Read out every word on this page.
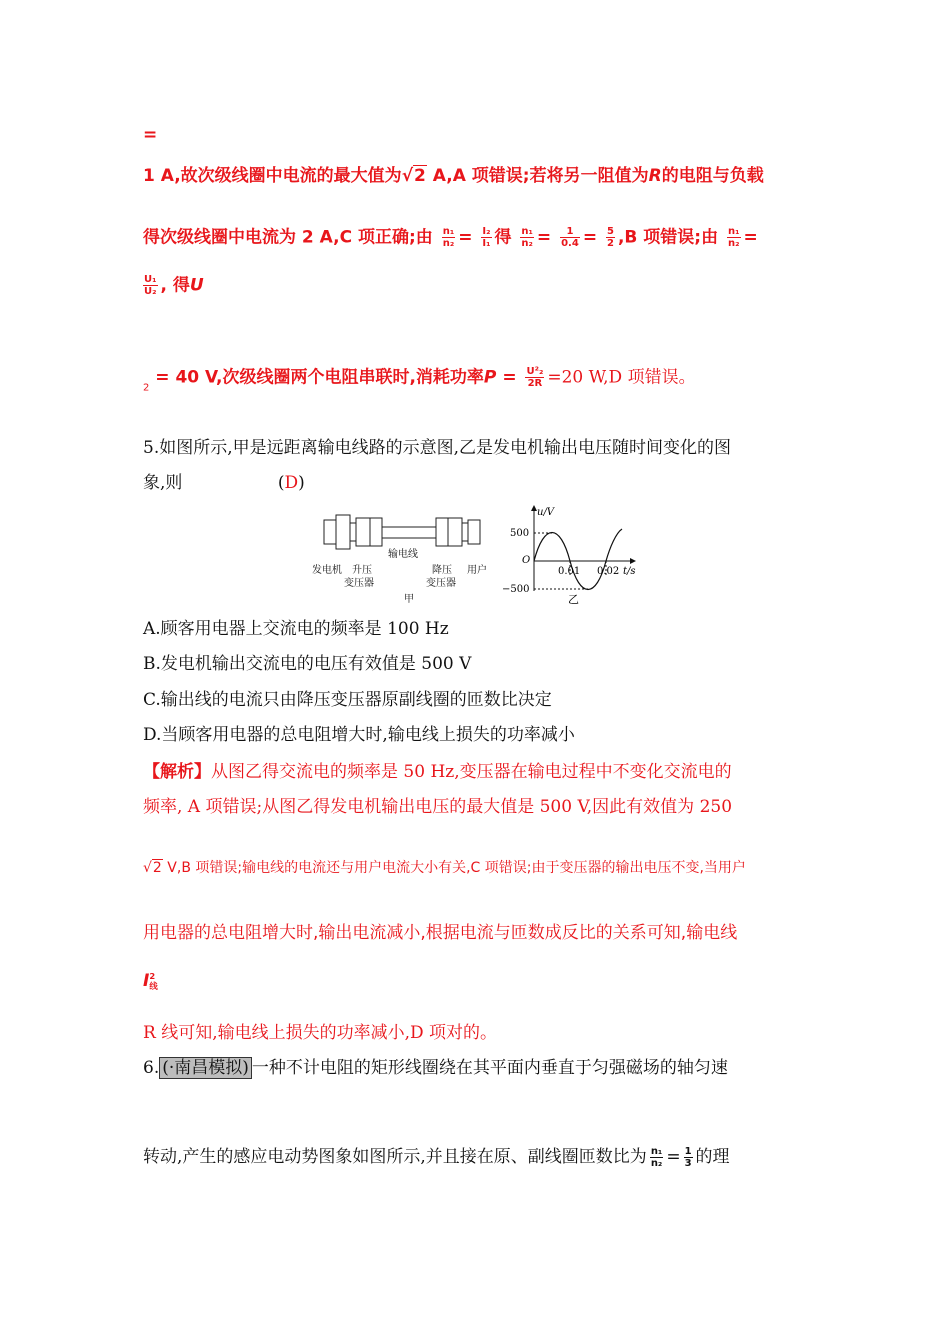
=
1 A,故次级线圈中电流的最大值为√2 A,A 项错误;若将另一阻值为R的电阻与负载
得次级线圈中电流为 2 A,C 项正确;由 $\frac{\text{n₁}}{\text{n₂}} = \frac{\text{I₂}}{\text{I₁}}$ 得 $\frac{\text{n₁}}{\text{n₂}} = \frac{1}{0.4} = \frac{5}{2} ,B$ 项错误;由 $\frac{\text{n₁}}{\text{n₂}}$ =
$\frac{\text{U₁}}{\text{U₂}}$ , 得U
$_2$ = 40 V,次级线圈两个电阻串联时,消耗功率$P = \frac{\text{U²₂}}{2R} =20$ W,D 项错误。
5.如图所示,甲是远距离输电线路的示意图,乙是发电机输出电压随时间变化的图
象,则	(D)
发电机 升压
变压器
输电线
降压
变压器
用户
甲
u/V
500
O
−500
0.01 0.02 t/s
乙
A.顾客用电器上交流电的频率是 100 Hz
B.发电机输出交流电的电压有效值是 500 V
C.输出线的电流只由降压变压器原副线圈的匝数比决定
D.当顾客用电器的总电阻增大时,输电线上损失的功率减小
【解析】从图乙得交流电的频率是 50 Hz,变压器在输电过程中不变化交流电的
频率, A 项错误;从图乙得发电机输出电压的最大值是 500 V,因此有效值为 250
√2 V,B 项错误;输电线的电流还与用户电流大小有关,C 项错误;由于变压器的输出电压不变,当用户
用电器的总电阻增大时,输出电流减小,根据电流与匝数成反比的关系可知,输电线
I 2
线
R 线可知,输电线上损失的功率减小,D 项对的。
6. (·南昌模拟) 一种不计电阻的矩形线圈绕在其平面内垂直于匀强磁场的轴匀速
转动,产生的感应电动势图象如图所示,并且接在原、副线圈匝数比为 $\frac{\text{n₁}}{\text{n₂}} = \frac{1}{3}$ 的理
